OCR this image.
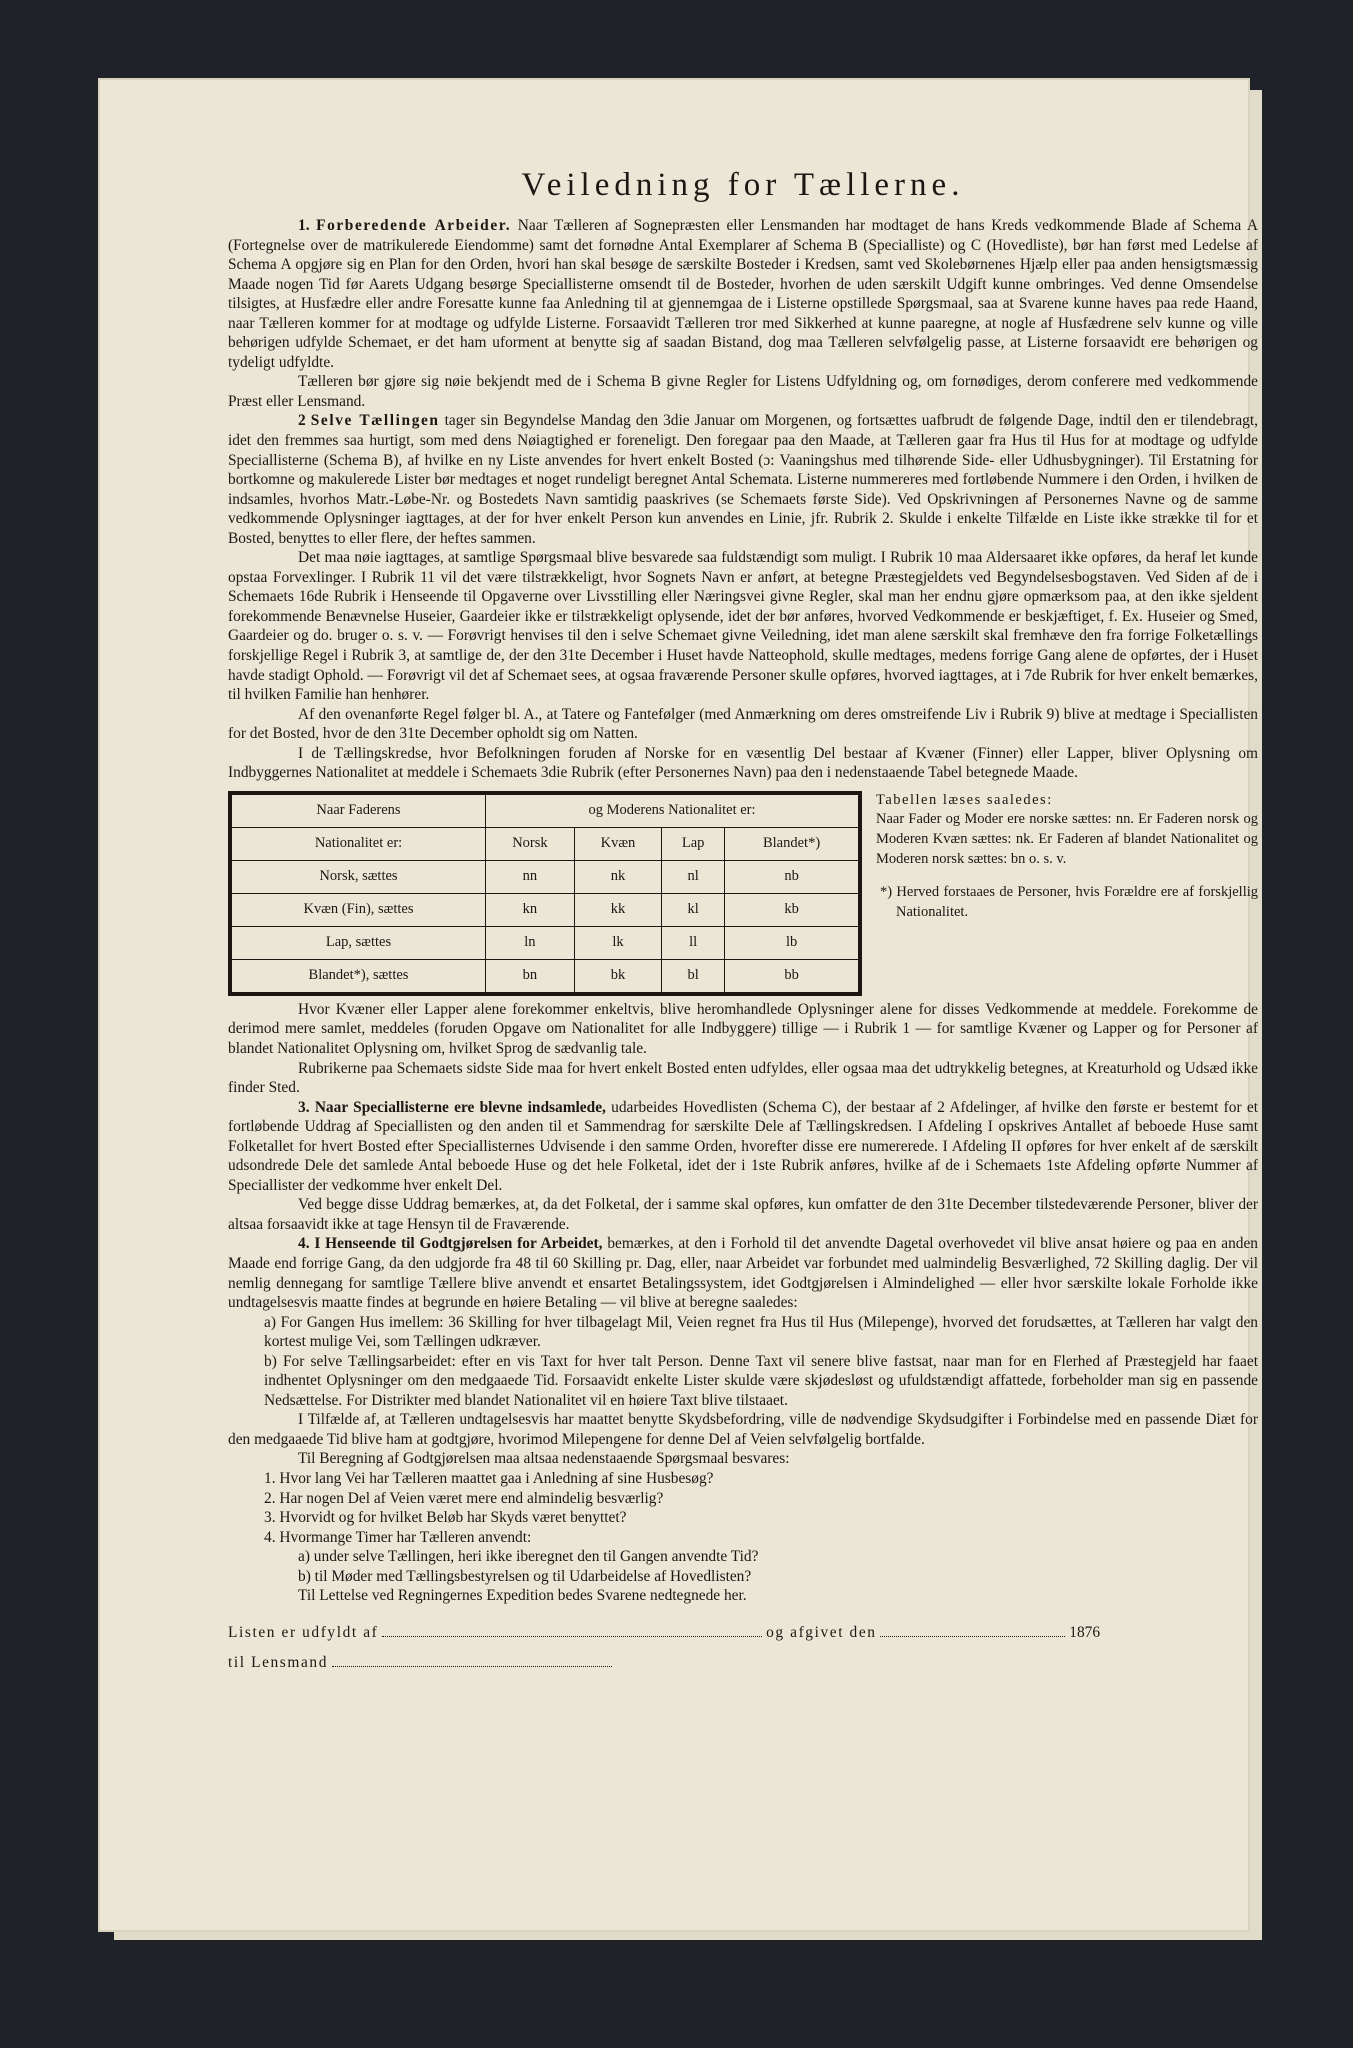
Veiledning for Tællerne.

1. Forberedende Arbeider. Naar Tælleren af Sognepræsten eller Lensmanden har modtaget de hans Kreds vedkommende Blade af Schema A (Fortegnelse over de matrikulerede Eiendomme) samt det fornødne Antal Exemplarer af Schema B (Specialliste) og C (Hovedliste), bør han først med Ledelse af Schema A opgjøre sig en Plan for den Orden, hvori han skal besøge de særskilte Bosteder i Kredsen, samt ved Skolebørnenes Hjælp eller paa anden hensigtsmæssig Maade nogen Tid før Aarets Udgang besørge Speciallisterne omsendt til de Bosteder, hvorhen de uden særskilt Udgift kunne ombringes. Ved denne Omsendelse tilsigtes, at Husfædre eller andre Foresatte kunne faa Anledning til at gjennemgaa de i Listerne opstillede Spørgsmaal, saa at Svarene kunne haves paa rede Haand, naar Tælleren kommer for at modtage og udfylde Listerne. Forsaavidt Tælleren tror med Sikkerhed at kunne paaregne, at nogle af Husfædrene selv kunne og ville behørigen udfylde Schemaet, er det ham uforment at benytte sig af saadan Bistand, dog maa Tælleren selvfølgelig passe, at Listerne forsaavidt ere behørigen og tydeligt udfyldte.

Tælleren bør gjøre sig nøie bekjendt med de i Schema B givne Regler for Listens Udfyldning og, om fornødiges, derom conferere med vedkommende Præst eller Lensmand.

2 Selve Tællingen tager sin Begyndelse Mandag den 3die Januar om Morgenen, og fortsættes uafbrudt de følgende Dage, indtil den er tilendebragt, idet den fremmes saa hurtigt, som med dens Nøiagtighed er foreneligt. Den foregaar paa den Maade, at Tælleren gaar fra Hus til Hus for at modtage og udfylde Speciallisterne (Schema B), af hvilke en ny Liste anvendes for hvert enkelt Bosted (ɔ: Vaaningshus med tilhørende Side- eller Udhusbygninger). Til Erstatning for bortkomne og makulerede Lister bør medtages et noget rundeligt beregnet Antal Schemata. Listerne nummereres med fortløbende Nummere i den Orden, i hvilken de indsamles, hvorhos Matr.-Løbe-Nr. og Bostedets Navn samtidig paaskrives (se Schemaets første Side). Ved Opskrivningen af Personernes Navne og de samme vedkommende Oplysninger iagttages, at der for hver enkelt Person kun anvendes en Linie, jfr. Rubrik 2. Skulde i enkelte Tilfælde en Liste ikke strække til for et Bosted, benyttes to eller flere, der heftes sammen.

Det maa nøie iagttages, at samtlige Spørgsmaal blive besvarede saa fuldstændigt som muligt. I Rubrik 10 maa Aldersaaret ikke opføres, da heraf let kunde opstaa Forvexlinger. I Rubrik 11 vil det være tilstrækkeligt, hvor Sognets Navn er anført, at betegne Præstegjeldets ved Begyndelsesbogstaven. Ved Siden af de i Schemaets 16de Rubrik i Henseende til Opgaverne over Livsstilling eller Næringsvei givne Regler, skal man her endnu gjøre opmærksom paa, at den ikke sjeldent forekommende Benævnelse Huseier, Gaardeier ikke er tilstrækkeligt oplysende, idet der bør anføres, hvorved Vedkommende er beskjæftiget, f. Ex. Huseier og Smed, Gaardeier og do. bruger o. s. v. — Forøvrigt henvises til den i selve Schemaet givne Veiledning, idet man alene særskilt skal fremhæve den fra forrige Folketællings forskjellige Regel i Rubrik 3, at samtlige de, der den 31te December i Huset havde Natteophold, skulle medtages, medens forrige Gang alene de opførtes, der i Huset havde stadigt Ophold. — Forøvrigt vil det af Schemaet sees, at ogsaa fraværende Personer skulle opføres, hvorved iagttages, at i 7de Rubrik for hver enkelt bemærkes, til hvilken Familie han henhører.

Af den ovenanførte Regel følger bl. A., at Tatere og Fantefølger (med Anmærkning om deres omstreifende Liv i Rubrik 9) blive at medtage i Speciallisten for det Bosted, hvor de den 31te December opholdt sig om Natten.

I de Tællingskredse, hvor Befolkningen foruden af Norske for en væsentlig Del bestaar af Kvæner (Finner) eller Lapper, bliver Oplysning om Indbyggernes Nationalitet at meddele i Schemaets 3die Rubrik (efter Personernes Navn) paa den i nedenstaaende Tabel betegnede Maade.

Naar Faderens	og Moderens Nationalitet er:			
Nationalitet er:	Norsk	Kvæn	Lap	Blandet*)
Norsk, sættes	nn	nk	nl	nb
Kvæn (Fin), sættes	kn	kk	kl	kb
Lap, sættes	ln	lk	ll	lb
Blandet*), sættes	bn	bk	bl	bb
Tabellen læses saaledes:
Naar Fader og Moder ere norske sættes: nn. Er Faderen norsk og Moderen Kvæn sættes: nk. Er Faderen af blandet Nationalitet og Moderen norsk sættes: bn o. s. v.
*) Herved forstaaes de Personer, hvis Forældre ere af forskjellig Nationalitet.

Hvor Kvæner eller Lapper alene forekommer enkeltvis, blive heromhandlede Oplysninger alene for disses Vedkommende at meddele. Forekomme de derimod mere samlet, meddeles (foruden Opgave om Nationalitet for alle Indbyggere) tillige — i Rubrik 1 — for samtlige Kvæner og Lapper og for Personer af blandet Nationalitet Oplysning om, hvilket Sprog de sædvanlig tale.

Rubrikerne paa Schemaets sidste Side maa for hvert enkelt Bosted enten udfyldes, eller ogsaa maa det udtrykkelig betegnes, at Kreaturhold og Udsæd ikke finder Sted.

3. Naar Speciallisterne ere blevne indsamlede, udarbeides Hovedlisten (Schema C), der bestaar af 2 Afdelinger, af hvilke den første er bestemt for et fortløbende Uddrag af Speciallisten og den anden til et Sammendrag for særskilte Dele af Tællingskredsen. I Afdeling I opskrives Antallet af beboede Huse samt Folketallet for hvert Bosted efter Speciallisternes Udvisende i den samme Orden, hvorefter disse ere numererede. I Afdeling II opføres for hver enkelt af de særskilt udsondrede Dele det samlede Antal beboede Huse og det hele Folketal, idet der i 1ste Rubrik anføres, hvilke af de i Schemaets 1ste Afdeling opførte Nummer af Speciallister der vedkomme hver enkelt Del.

Ved begge disse Uddrag bemærkes, at, da det Folketal, der i samme skal opføres, kun omfatter de den 31te December tilstedeværende Personer, bliver der altsaa forsaavidt ikke at tage Hensyn til de Fraværende.

4. I Henseende til Godtgjørelsen for Arbeidet, bemærkes, at den i Forhold til det anvendte Dagetal overhovedet vil blive ansat høiere og paa en anden Maade end forrige Gang, da den udgjorde fra 48 til 60 Skilling pr. Dag, eller, naar Arbeidet var forbundet med ualmindelig Besværlighed, 72 Skilling daglig. Der vil nemlig dennegang for samtlige Tællere blive anvendt et ensartet Betalingssystem, idet Godtgjørelsen i Almindelighed — eller hvor særskilte lokale Forholde ikke undtagelsesvis maatte findes at begrunde en høiere Betaling — vil blive at beregne saaledes:

a) For Gangen Hus imellem: 36 Skilling for hver tilbagelagt Mil, Veien regnet fra Hus til Hus (Milepenge), hvorved det forudsættes, at Tælleren har valgt den kortest mulige Vei, som Tællingen udkræver.

b) For selve Tællingsarbeidet: efter en vis Taxt for hver talt Person. Denne Taxt vil senere blive fastsat, naar man for en Flerhed af Præstegjeld har faaet indhentet Oplysninger om den medgaaede Tid. Forsaavidt enkelte Lister skulde være skjødesløst og ufuldstændigt affattede, forbeholder man sig en passende Nedsættelse. For Distrikter med blandet Nationalitet vil en høiere Taxt blive tilstaaet.

I Tilfælde af, at Tælleren undtagelsesvis har maattet benytte Skydsbefordring, ville de nødvendige Skydsudgifter i Forbindelse med en passende Diæt for den medgaaede Tid blive ham at godtgjøre, hvorimod Milepengene for denne Del af Veien selvfølgelig bortfalde.

Til Beregning af Godtgjørelsen maa altsaa nedenstaaende Spørgsmaal besvares:

1. Hvor lang Vei har Tælleren maattet gaa i Anledning af sine Husbesøg?

2. Har nogen Del af Veien været mere end almindelig besværlig?

3. Hvorvidt og for hvilket Beløb har Skyds været benyttet?

4. Hvormange Timer har Tælleren anvendt:

a) under selve Tællingen, heri ikke iberegnet den til Gangen anvendte Tid?

b) til Møder med Tællingsbestyrelsen og til Udarbeidelse af Hovedlisten?

Til Lettelse ved Regningernes Expedition bedes Svarene nedtegnede her.

Listen er udfyldt af	og afgivet den	1876
til Lensmand
